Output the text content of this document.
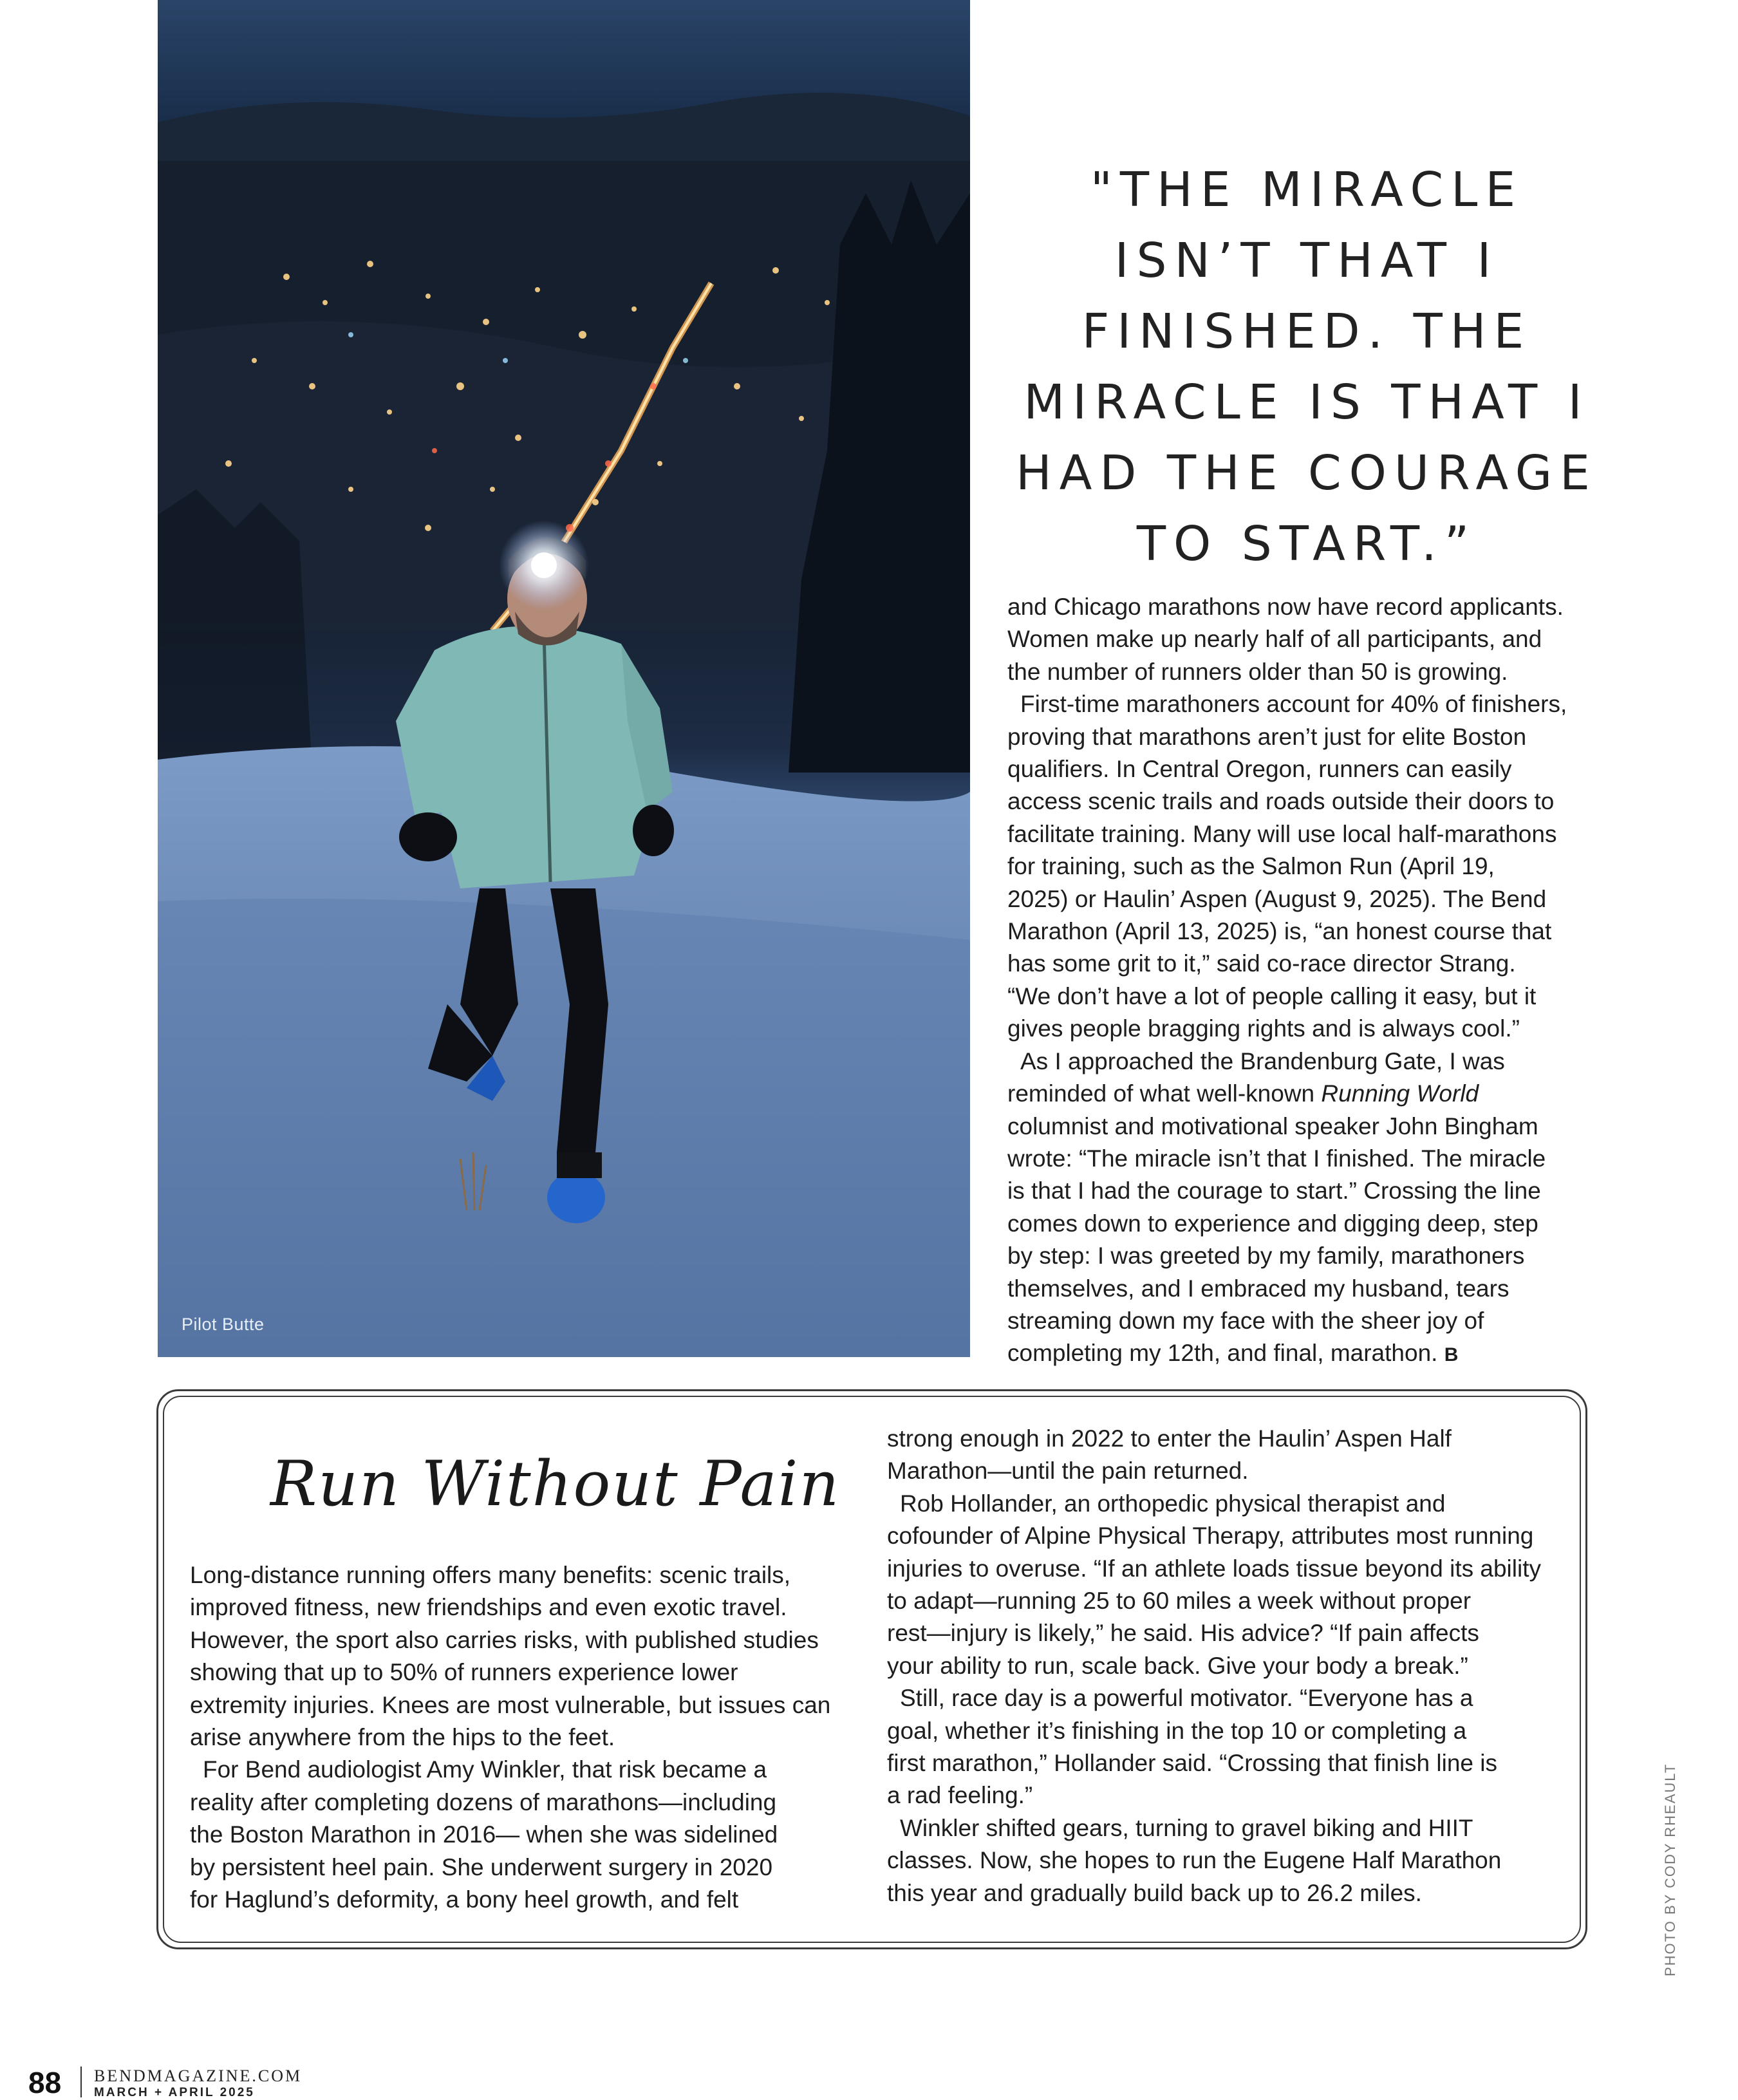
Pilot Butte
"THE MIRACLE
ISN’T THAT I
FINISHED. THE
MIRACLE IS THAT I
HAD THE COURAGE
TO START.”

and Chicago marathons now have record applicants.

Women make up nearly half of all participants, and

the number of runners older than 50 is growing.

First-time marathoners account for 40% of finishers,

proving that marathons aren’t just for elite Boston

qualifiers. In Central Oregon, runners can easily

access scenic trails and roads outside their doors to

facilitate training. Many will use local half-marathons

for training, such as the Salmon Run (April 19,

2025) or Haulin’ Aspen (August 9, 2025). The Bend

Marathon (April 13, 2025) is, “an honest course that

has some grit to it,” said co-race director Strang.

“We don’t have a lot of people calling it easy, but it

gives people bragging rights and is always cool.”

As I approached the Brandenburg Gate, I was

reminded of what well-known Running World

columnist and motivational speaker John Bingham

wrote: “The miracle isn’t that I finished. The miracle

is that I had the courage to start.” Crossing the line

comes down to experience and digging deep, step

by step: I was greeted by my family, marathoners

themselves, and I embraced my husband, tears

streaming down my face with the sheer joy of

completing my 12th, and final, marathon. B

Run Without Pain

Long-distance running offers many benefits: scenic trails,

improved fitness, new friendships and even exotic travel.

However, the sport also carries risks, with published studies

showing that up to 50% of runners experience lower

extremity injuries. Knees are most vulnerable, but issues can

arise anywhere from the hips to the feet.

For Bend audiologist Amy Winkler, that risk became a

reality after completing dozens of marathons—including

the Boston Marathon in 2016— when she was sidelined

by persistent heel pain. She underwent surgery in 2020

for Haglund’s deformity, a bony heel growth, and felt

strong enough in 2022 to enter the Haulin’ Aspen Half

Marathon—until the pain returned.

Rob Hollander, an orthopedic physical therapist and

cofounder of Alpine Physical Therapy, attributes most running

injuries to overuse. “If an athlete loads tissue beyond its ability

to adapt—running 25 to 60 miles a week without proper

rest—injury is likely,” he said. His advice? “If pain affects

your ability to run, scale back. Give your body a break.”

Still, race day is a powerful motivator. “Everyone has a

goal, whether it’s finishing in the top 10 or completing a

first marathon,” Hollander said. “Crossing that finish line is

a rad feeling.”

Winkler shifted gears, turning to gravel biking and HIIT

classes. Now, she hopes to run the Eugene Half Marathon

this year and gradually build back up to 26.2 miles.	PHOTO BY CODY RHEAULT
88 BENDMAGAZINE.COM
MARCH + APRIL 2025
